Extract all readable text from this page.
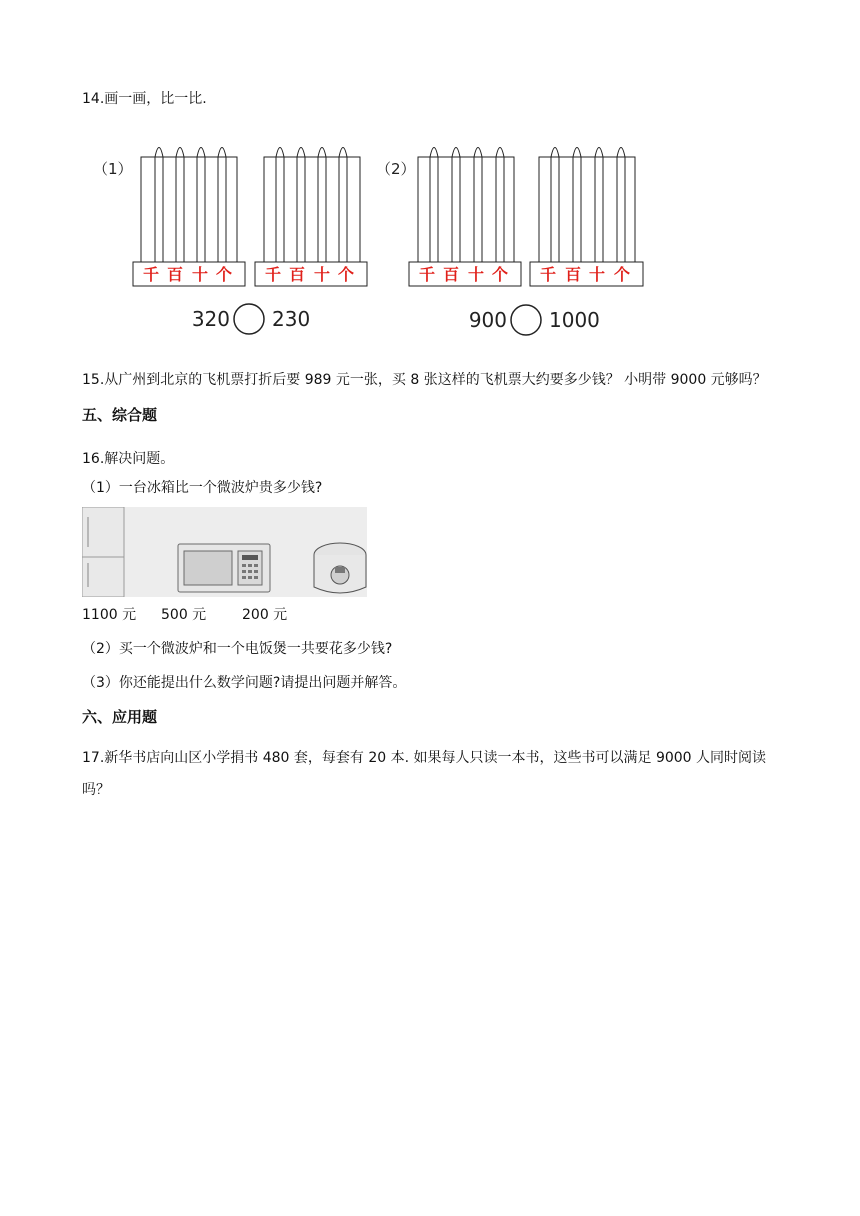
14.画一画，比一比.
（1）	（2）
千 百 十 个 千 百 十 个	千 百 十 个 千 百 十 个
320 230	900 1000
15.从广州到北京的飞机票打折后要 989 元一张，买 8 张这样的飞机票大约要多少钱？ 小明带 9000 元够吗？
五、综合题
16.解决问题。
（1）一台冰箱比一个微波炉贵多少钱?
1100 元 500 元	200 元
（2）买一个微波炉和一个电饭煲一共要花多少钱?
（3）你还能提出什么数学问题?请提出问题并解答。
六、应用题
17.新华书店向山区小学捐书 480 套，每套有 20 本. 如果每人只读一本书，这些书可以满足 9000 人同时阅读吗？
